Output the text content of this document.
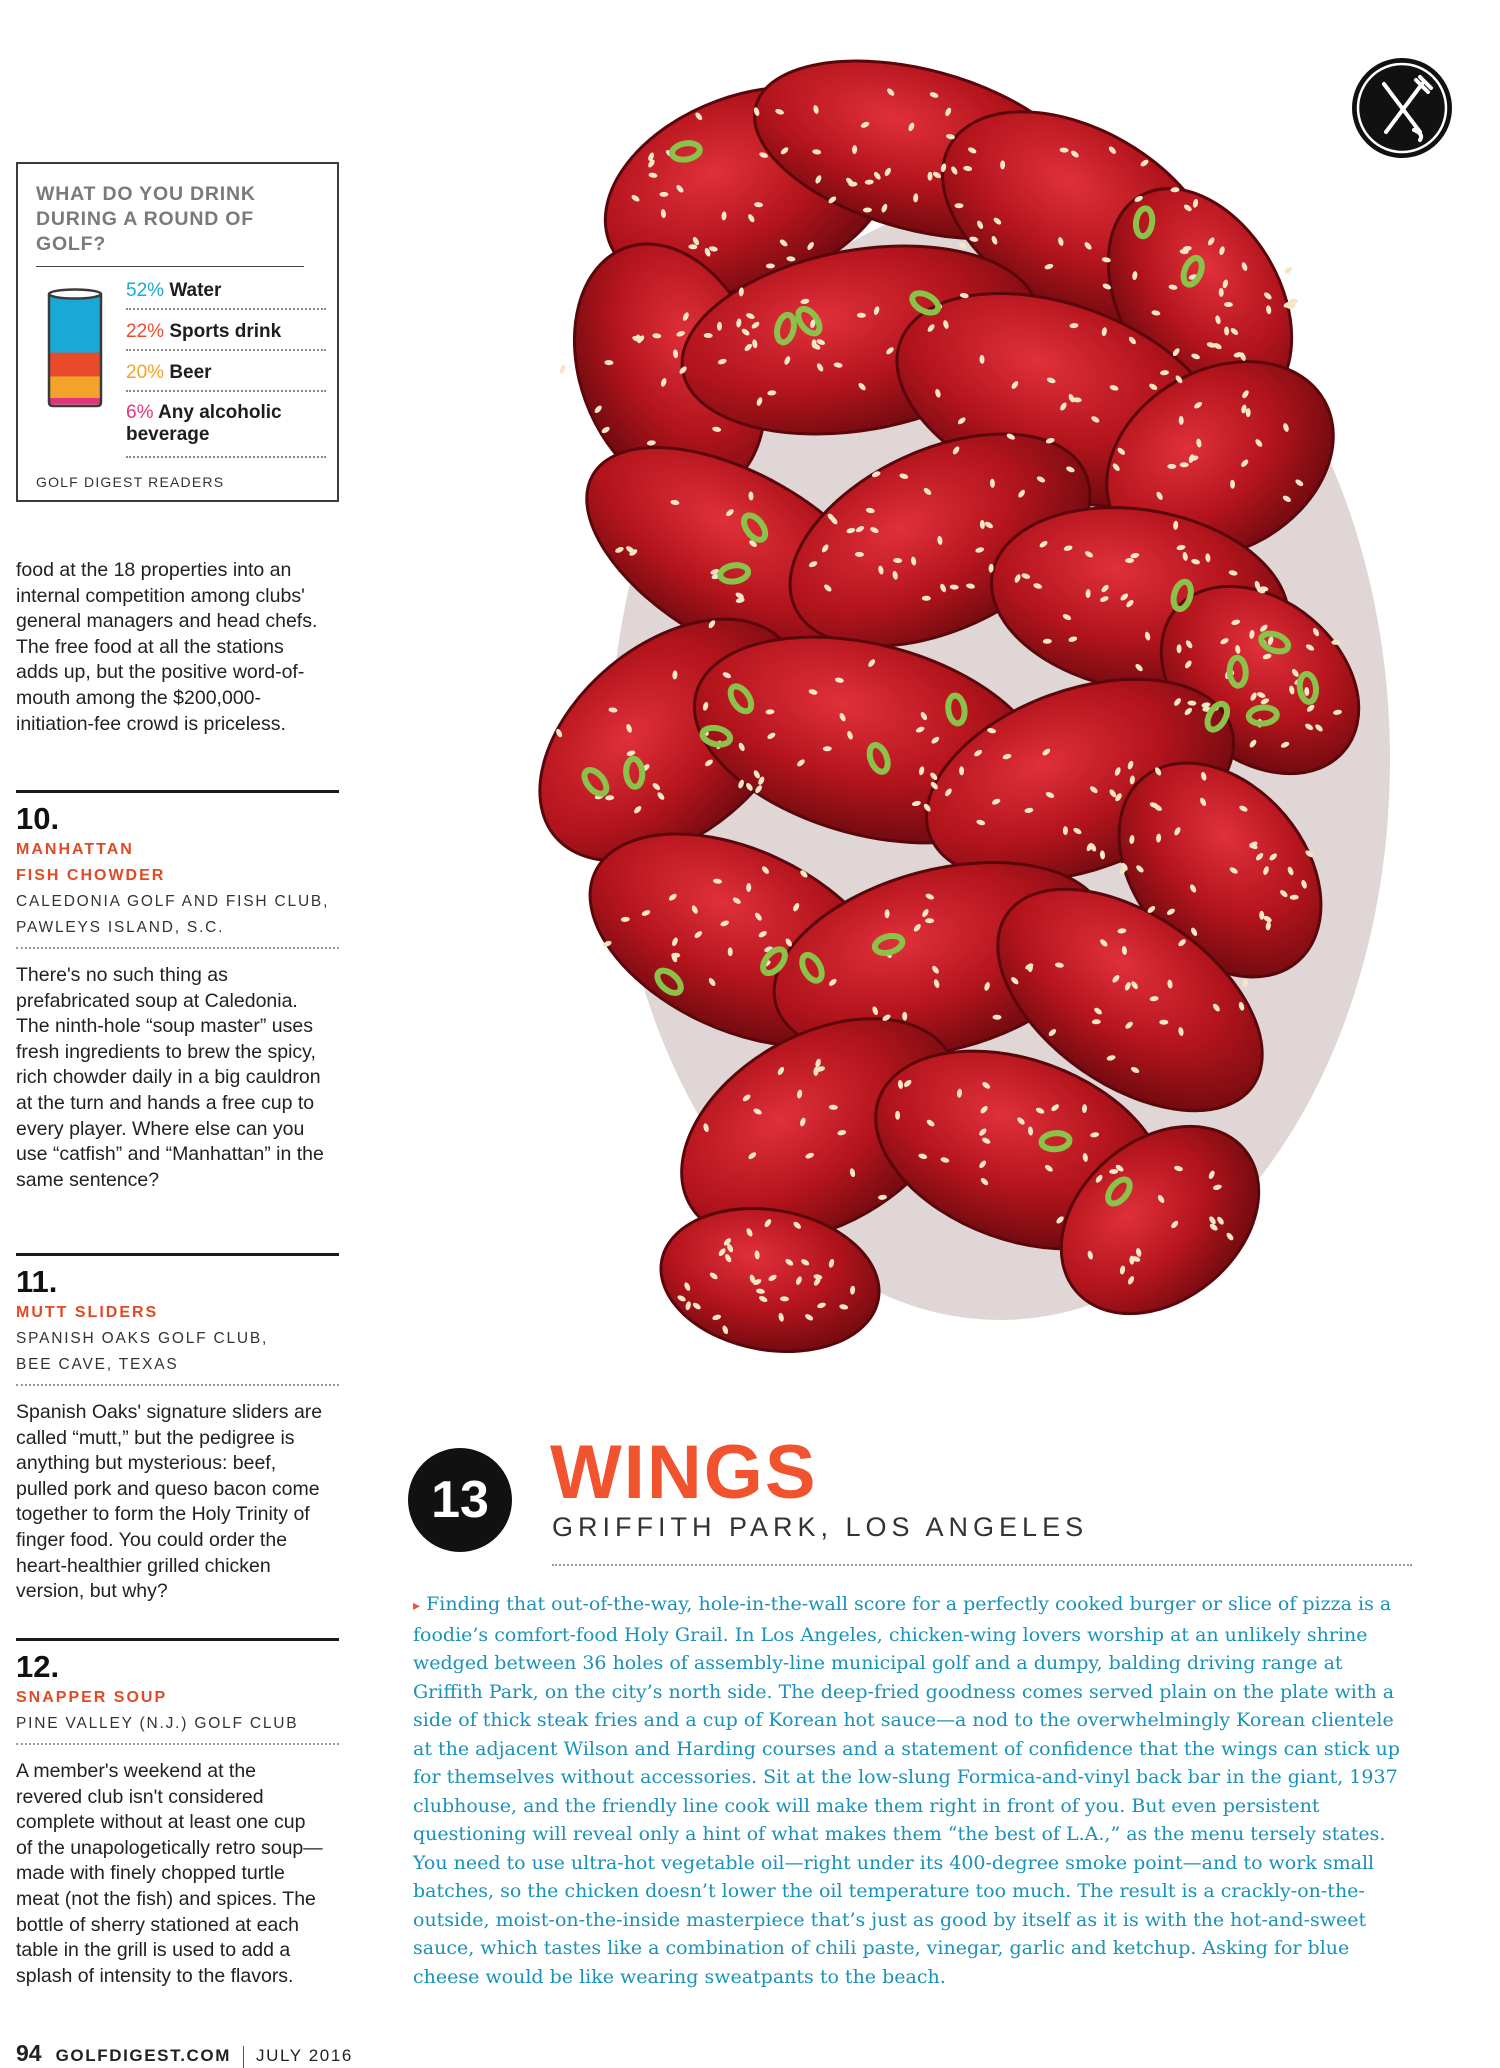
WHAT DO YOU DRINK DURING A ROUND OF GOLF?
52% Water
22% Sports drink
20% Beer
6% Any alcoholic beverage
GOLF DIGEST READERS
food at the 18 properties into an internal competition among clubs' general managers and head chefs. The free food at all the stations adds up, but the positive word-of-mouth among the $200,000-initiation-fee crowd is priceless.
10.
MANHATTAN
FISH CHOWDER
CALEDONIA GOLF AND FISH CLUB,
PAWLEYS ISLAND, S.C.
There's no such thing as prefabricated soup at Caledonia. The ninth-hole “soup master” uses fresh ingredients to brew the spicy, rich chowder daily in a big cauldron at the turn and hands a free cup to every player. Where else can you use “catfish” and “Manhattan” in the same sentence?
11.
MUTT SLIDERS
SPANISH OAKS GOLF CLUB,
BEE CAVE, TEXAS
Spanish Oaks' signature sliders are called “mutt,” but the pedigree is anything but mysterious: beef, pulled pork and queso bacon come together to form the Holy Trinity of finger food. You could order the heart-healthier grilled chicken version, but why?
12.
SNAPPER SOUP
PINE VALLEY (N.J.) GOLF CLUB
A member's weekend at the revered club isn't considered complete without at least one cup of the unapologetically retro soup—made with finely chopped turtle meat (not the fish) and spices. The bottle of sherry stationed at each table in the grill is used to add a splash of intensity to the flavors.
13 WINGS
GRIFFITH PARK, LOS ANGELES
▸ Finding that out-of-the-way, hole-in-the-wall score for a perfectly cooked burger or slice of pizza is a foodie’s comfort-food Holy Grail. In Los Angeles, chicken-wing lovers worship at an unlikely shrine wedged between 36 holes of assembly-line municipal golf and a dumpy, balding driving range at Griffith Park, on the city’s north side. The deep-fried goodness comes served plain on the plate with a side of thick steak fries and a cup of Korean hot sauce—a nod to the overwhelmingly Korean clientele at the adjacent Wilson and Harding courses and a statement of confidence that the wings can stick up for themselves without accessories. Sit at the low-slung Formica-and-vinyl back bar in the giant, 1937 clubhouse, and the friendly line cook will make them right in front of you. But even persistent questioning will reveal only a hint of what makes them “the best of L.A.,” as the menu tersely states. You need to use ultra-hot vegetable oil—right under its 400-degree smoke point—and to work small batches, so the chicken doesn’t lower the oil temperature too much. The result is a crackly-on-the-outside, moist-on-the-inside masterpiece that’s just as good by itself as it is with the hot-and-sweet sauce, which tastes like a combination of chili paste, vinegar, garlic and ketchup. Asking for blue cheese would be like wearing sweatpants to the beach.
94 GOLFDIGEST.COM JULY 2016
